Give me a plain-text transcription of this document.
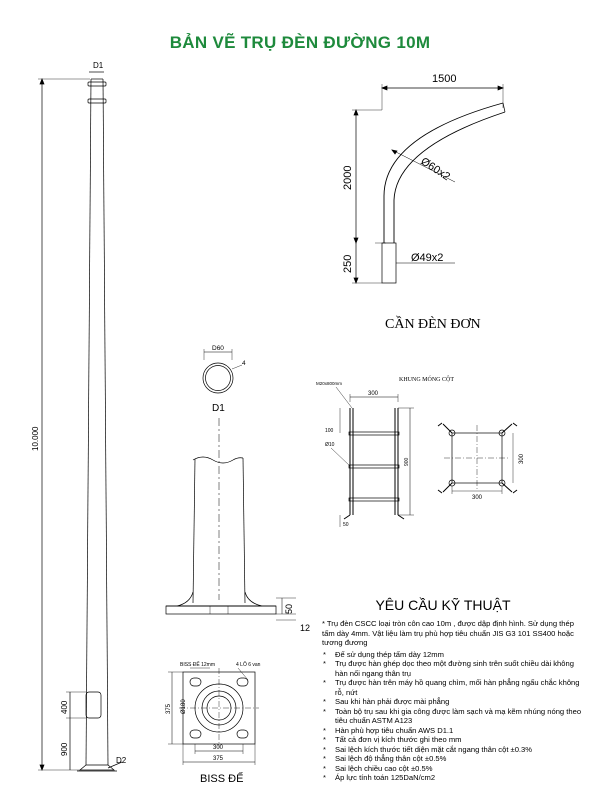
BẢN VẼ TRỤ ĐÈN ĐƯỜNG 10M
D1
D2
10.000
400
900
1500
2000
250
Ø60x2
Ø49x2
CẦN ĐÈN ĐƠN
D60
4
D1
50
12
BISS ĐẾ 12mm	4 LỖ 6 van
375 Ø180
300
375
BISS ĐẾ
KHUNG MÓNG CỘT
M20x800mm
300
100
Ø10
900
50
300
300
YÊU CẦU KỸ THUẬT

* Trụ đèn CSCC loại tròn côn cao 10m , được dập định hình. Sử dụng thép tấm dày 4mm. Vật liệu làm trụ phù hợp tiêu chuẩn JIS G3 101 SS400 hoặc tương đương

* Đế sử dụng thép tấm dày 12mm
* Trụ được hàn ghép dọc theo một đường sinh trên suốt chiều dài không hàn nối ngang thân trụ
* Trụ được hàn trên máy hồ quang chìm, mối hàn phẳng ngấu chắc không rỗ, nứt
* Sau khi hàn phải được mài phẳng
* Toàn bộ trụ sau khi gia công được làm sạch và mạ kẽm nhúng nóng theo tiêu chuẩn ASTM A123
* Hàn phù hợp tiêu chuẩn AWS D1.1
* Tất cả đơn vị kích thước ghi theo mm
* Sai lệch kích thước tiết diện mặt cắt ngang thân cột ±0.3%
* Sai lệch độ thẳng thân cột ±0.5%
* Sai lệch chiều cao cột ±0.5%
* Áp lực tính toán 125DaN/cm2
